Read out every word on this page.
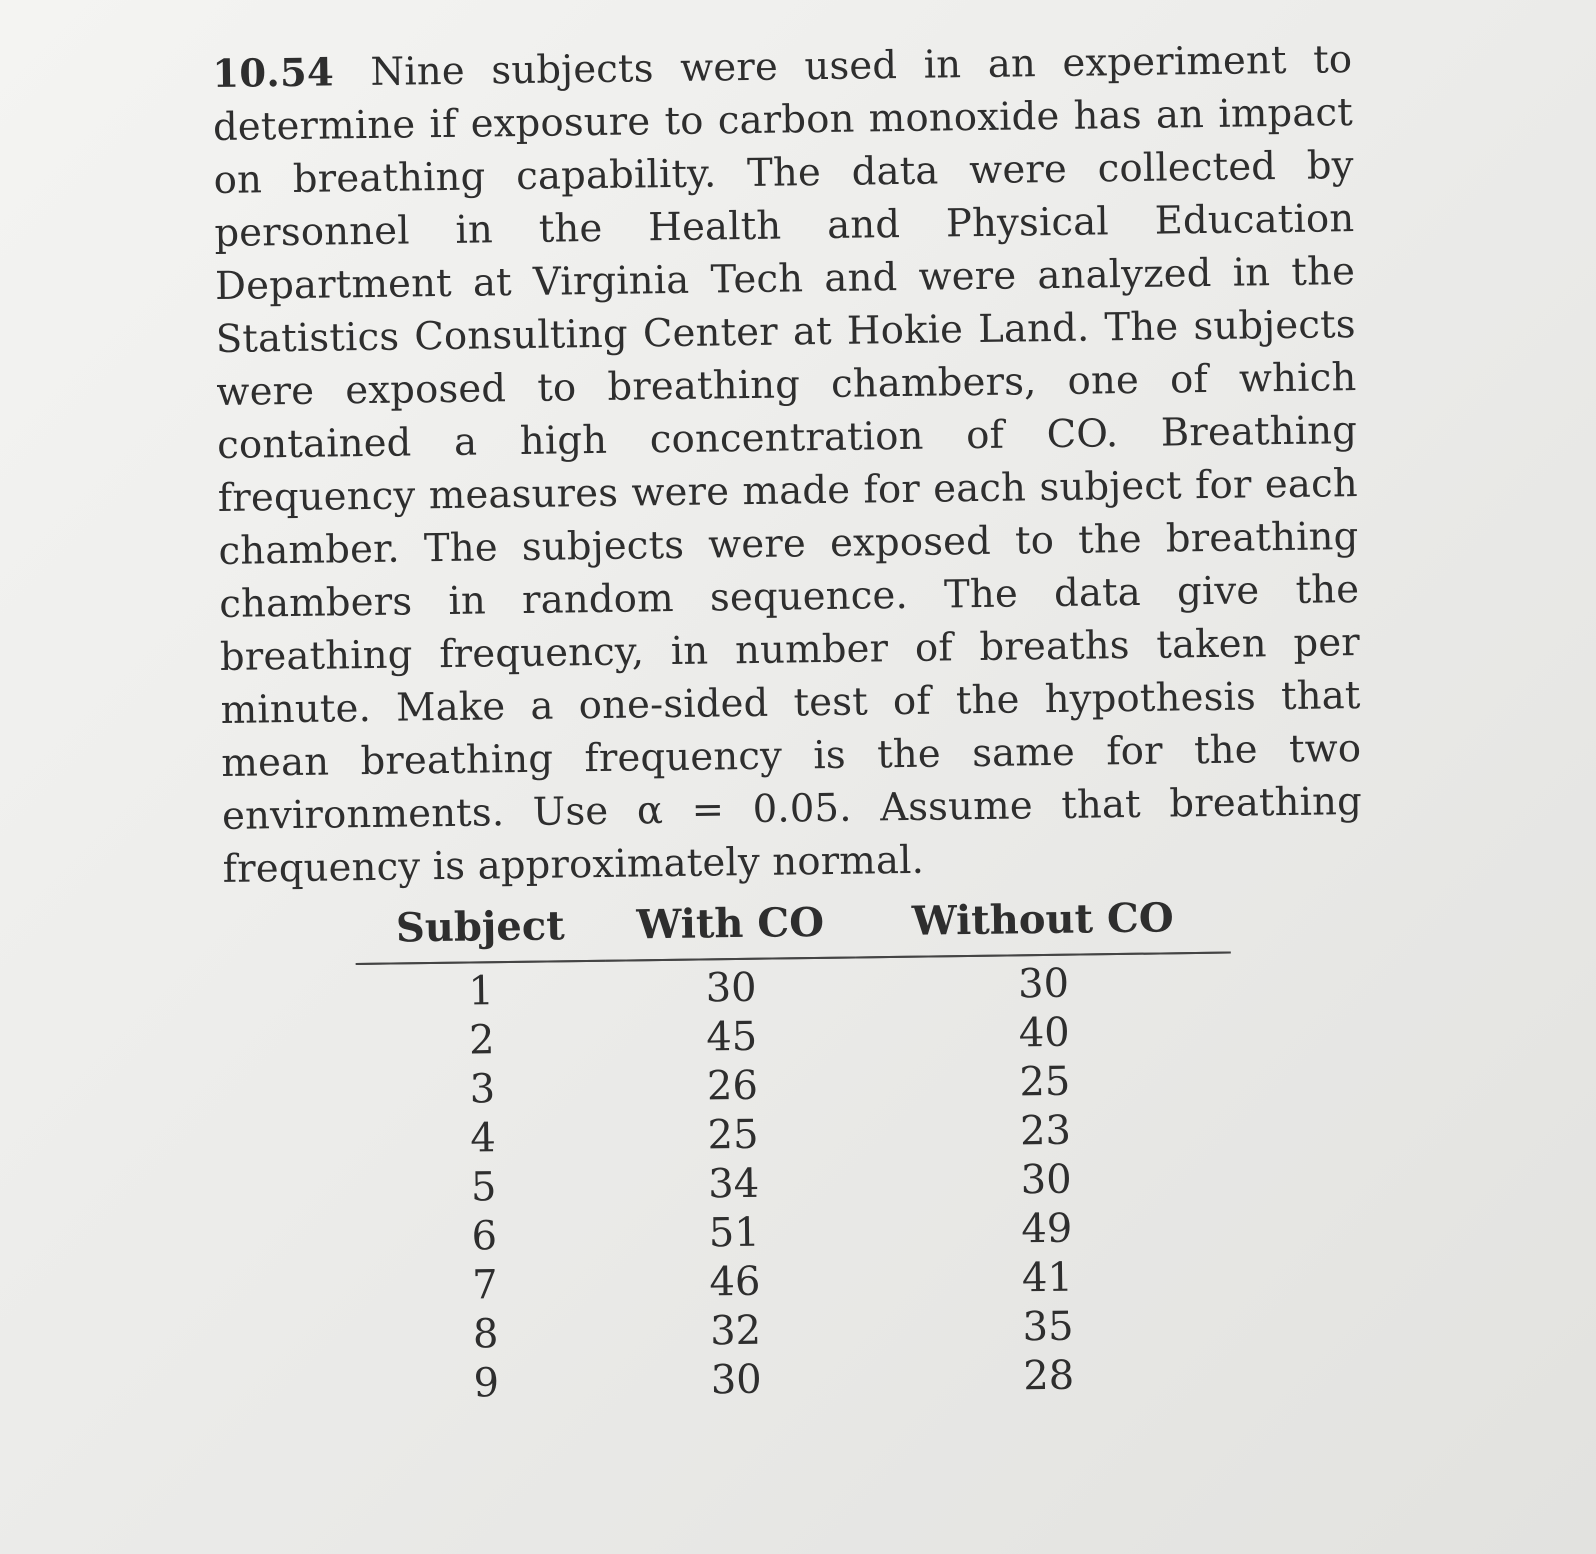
10.54 Nine subjects were used in an experiment to determine if exposure to carbon monoxide has an impact on breathing capability. The data were collected by personnel in the Health and Physical Education Department at Virginia Tech and were analyzed in the Statistics Consulting Center at Hokie Land. The subjects were exposed to breathing chambers, one of which contained a high concentration of CO. Breathing frequency measures were made for each subject for each chamber. The subjects were exposed to the breathing chambers in random sequence. The data give the breathing frequency, in number of breaths taken per minute. Make a one-sided test of the hypothesis that mean breathing frequency is the same for the two environments. Use α = 0.05. Assume that breathing frequency is approximately normal.

Subject	With CO	Without CO
1	30	30
2	45	40
3	26	25
4	25	23
5	34	30
6	51	49
7	46	41
8	32	35
9	30	28
